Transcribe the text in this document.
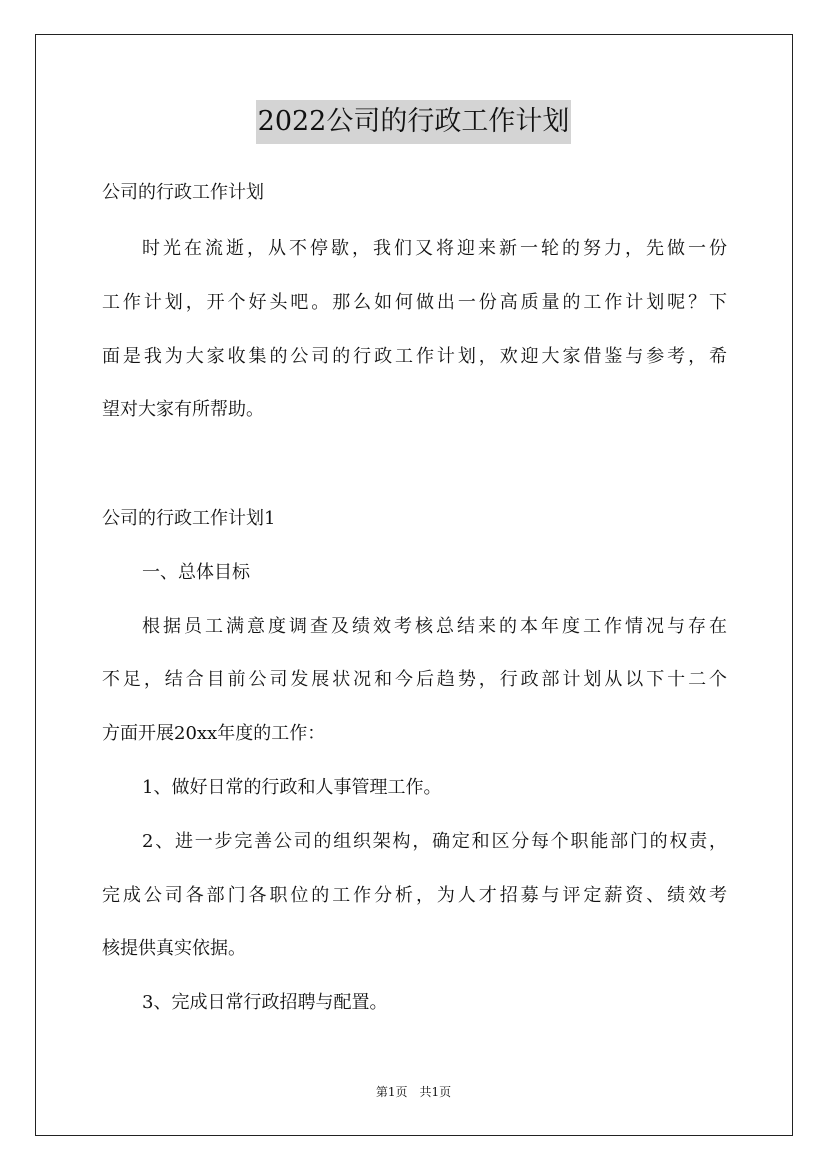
2022公司的行政工作计划
公司的行政工作计划
时光在流逝，从不停歇，我们又将迎来新一轮的努力，先做一份
工作计划，开个好头吧。那么如何做出一份高质量的工作计划呢？下
面是我为大家收集的公司的行政工作计划，欢迎大家借鉴与参考，希
望对大家有所帮助。
公司的行政工作计划1
一、总体目标
根据员工满意度调查及绩效考核总结来的本年度工作情况与存在
不足，结合目前公司发展状况和今后趋势，行政部计划从以下十二个
方面开展20xx年度的工作：
1、做好日常的行政和人事管理工作。
2、进一步完善公司的组织架构，确定和区分每个职能部门的权责，
完成公司各部门各职位的工作分析，为人才招募与评定薪资、绩效考
核提供真实依据。
3、完成日常行政招聘与配置。
第1页　共1页
